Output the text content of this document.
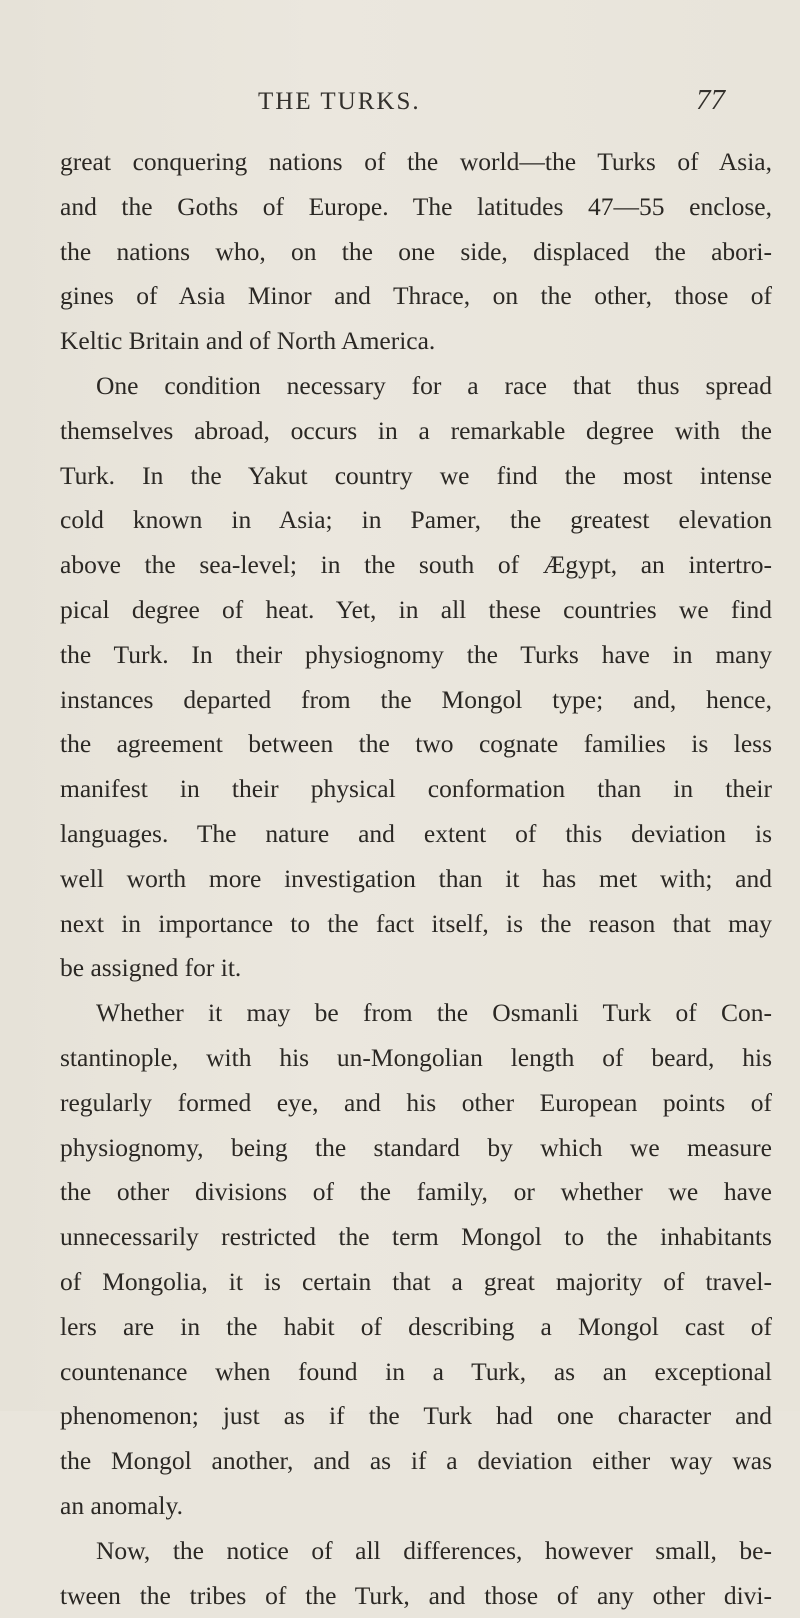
THE TURKS.	77
great conquering nations of the world—the Turks of Asia,
and the Goths of Europe. The latitudes 47—55 enclose,
the nations who, on the one side, displaced the abori-
gines of Asia Minor and Thrace, on the other, those of
Keltic Britain and of North America.
One condition necessary for a race that thus spread
themselves abroad, occurs in a remarkable degree with the
Turk. In the Yakut country we find the most intense
cold known in Asia; in Pamer, the greatest elevation
above the sea-level; in the south of Ægypt, an intertro-
pical degree of heat. Yet, in all these countries we find
the Turk. In their physiognomy the Turks have in many
instances departed from the Mongol type; and, hence,
the agreement between the two cognate families is less
manifest in their physical conformation than in their
languages. The nature and extent of this deviation is
well worth more investigation than it has met with; and
next in importance to the fact itself, is the reason that may
be assigned for it.
Whether it may be from the Osmanli Turk of Con-
stantinople, with his un-Mongolian length of beard, his
regularly formed eye, and his other European points of
physiognomy, being the standard by which we measure
the other divisions of the family, or whether we have
unnecessarily restricted the term Mongol to the inhabitants
of Mongolia, it is certain that a great majority of travel-
lers are in the habit of describing a Mongol cast of
countenance when found in a Turk, as an exceptional
phenomenon; just as if the Turk had one character and
the Mongol another, and as if a deviation either way was
an anomaly.
Now, the notice of all differences, however small, be-
tween the tribes of the Turk, and those of any other divi-
